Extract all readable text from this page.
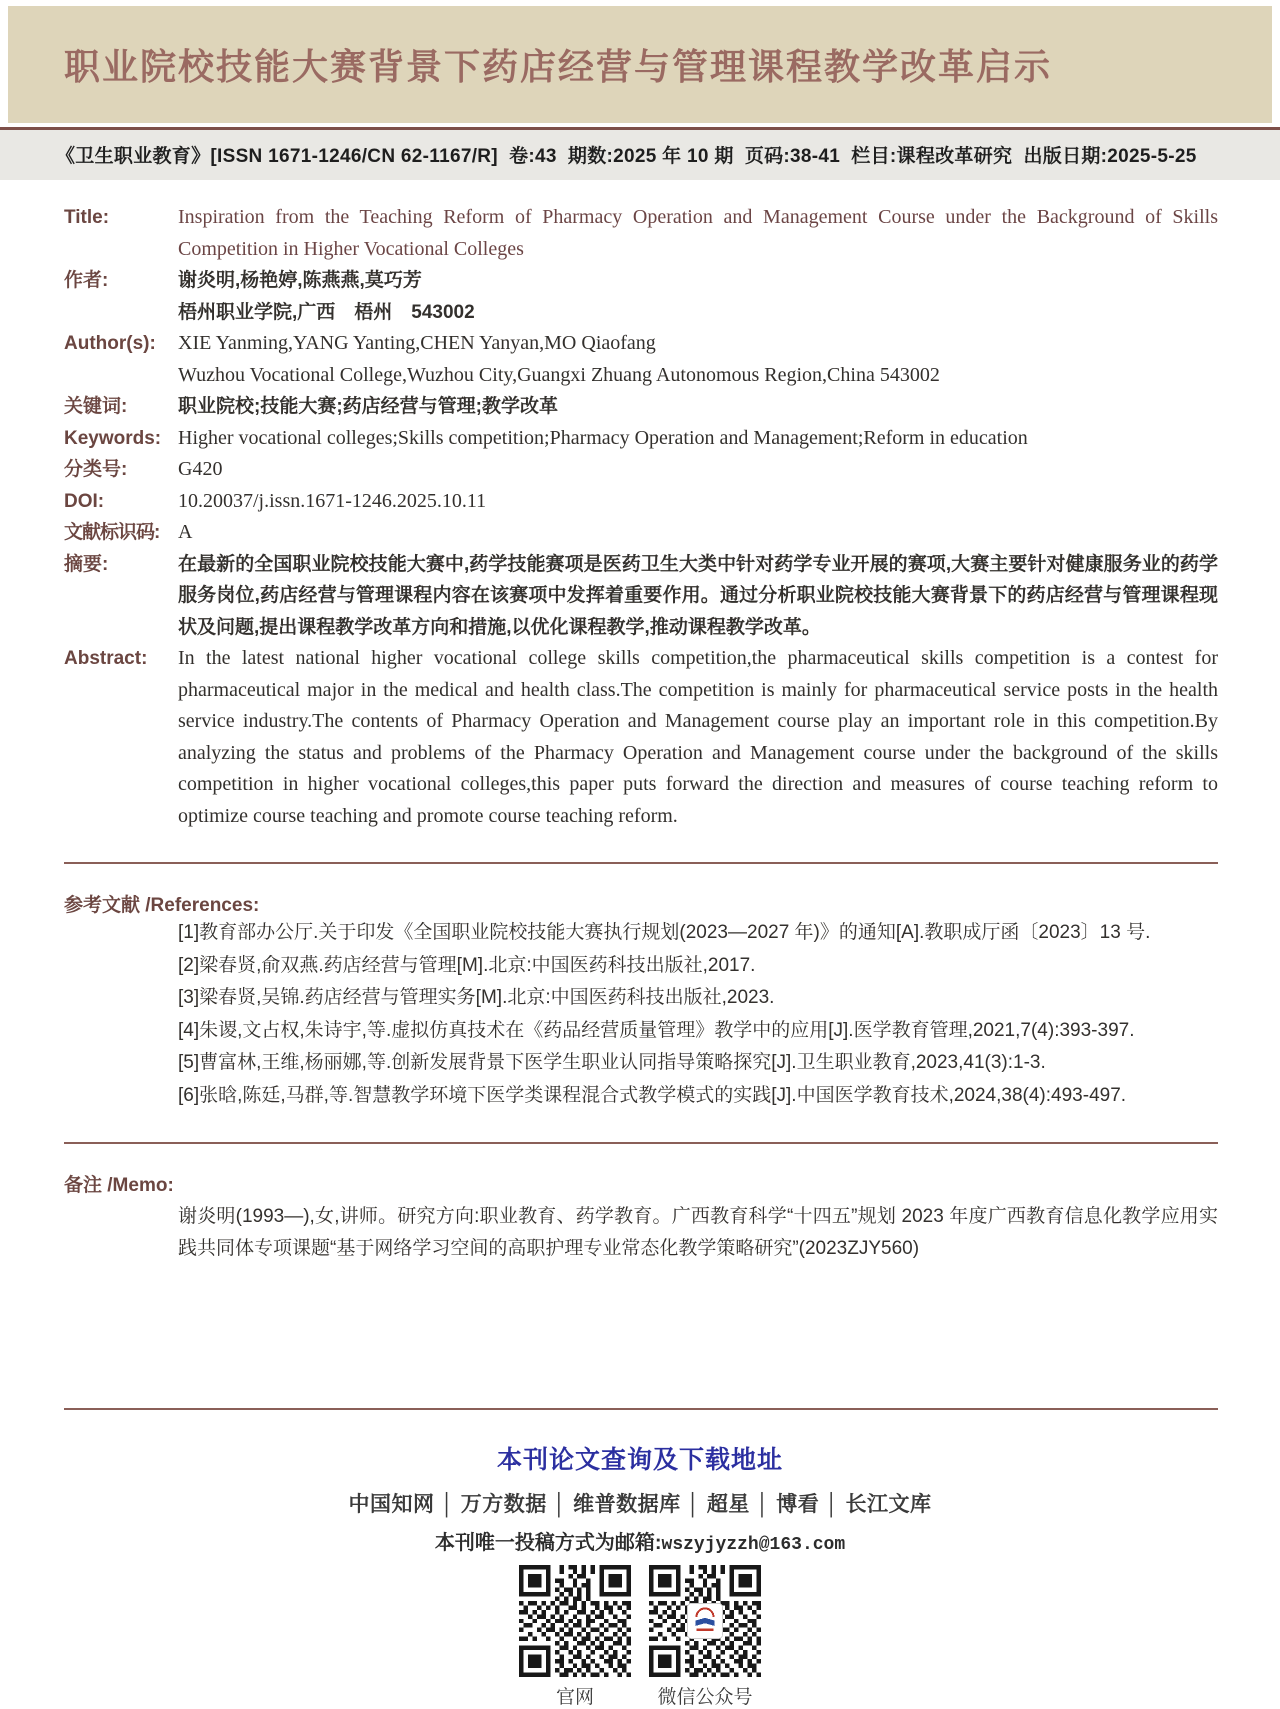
职业院校技能大赛背景下药店经营与管理课程教学改革启示
《卫生职业教育》[ISSN 1671-1246/CN 62-1167/R]  卷:43  期数:2025 年 10 期  页码:38-41  栏目:课程改革研究  出版日期:2025-5-25
Title:	Inspiration from the Teaching Reform of Pharmacy Operation and Management Course under the Background of Skills Competition in Higher Vocational Colleges
作者:	谢炎明,杨艳婷,陈燕燕,莫巧芳
梧州职业学院,广西　梧州　543002
Author(s):	XIE Yanming,YANG Yanting,CHEN Yanyan,MO Qiaofang
Wuzhou Vocational College,Wuzhou City,Guangxi Zhuang Autonomous Region,China 543002
关键词:	职业院校;技能大赛;药店经营与管理;教学改革
Keywords: Higher vocational colleges;Skills competition;Pharmacy Operation and Management;Reform in education
分类号:	G420
DOI:	10.20037/j.issn.1671-1246.2025.10.11
文献标识码: A
摘要:	在最新的全国职业院校技能大赛中,药学技能赛项是医药卫生大类中针对药学专业开展的赛项,大赛主要针对健康服务业的药学服务岗位,药店经营与管理课程内容在该赛项中发挥着重要作用。通过分析职业院校技能大赛背景下的药店经营与管理课程现状及问题,提出课程教学改革方向和措施,以优化课程教学,推动课程教学改革。
Abstract:	In the latest national higher vocational college skills competition,the pharmaceutical skills competition is a contest for pharmaceutical major in the medical and health class.The competition is mainly for pharmaceutical service posts in the health service industry.The contents of Pharmacy Operation and Management course play an important role in this competition.By analyzing the status and problems of the Pharmacy Operation and Management course under the background of the skills competition in higher vocational colleges,this paper puts forward the direction and measures of course teaching reform to optimize course teaching and promote course teaching reform.
参考文献 /References:
[1]教育部办公厅.关于印发《全国职业院校技能大赛执行规划(2023—2027 年)》的通知[A].教职成厅函〔2023〕13 号.
[2]梁春贤,俞双燕.药店经营与管理[M].北京:中国医药科技出版社,2017.
[3]梁春贤,吴锦.药店经营与管理实务[M].北京:中国医药科技出版社,2023.
[4]朱谡,文占权,朱诗宇,等.虚拟仿真技术在《药品经营质量管理》教学中的应用[J].医学教育管理,2021,7(4):393-397.
[5]曹富林,王维,杨丽娜,等.创新发展背景下医学生职业认同指导策略探究[J].卫生职业教育,2023,41(3):1-3.
[6]张晗,陈廷,马群,等.智慧教学环境下医学类课程混合式教学模式的实践[J].中国医学教育技术,2024,38(4):493-497.
备注 /Memo:
谢炎明(1993—),女,讲师。研究方向:职业教育、药学教育。广西教育科学“十四五”规划 2023 年度广西教育信息化教学应用实践共同体专项课题“基于网络学习空间的高职护理专业常态化教学策略研究”(2023ZJY560)
本刊论文查询及下载地址
中国知网 │ 万方数据 │ 维普数据库 │ 超星 │ 博看 │ 长江文库
本刊唯一投稿方式为邮箱:wszyjyzzh@163.com
官网	微信公众号
